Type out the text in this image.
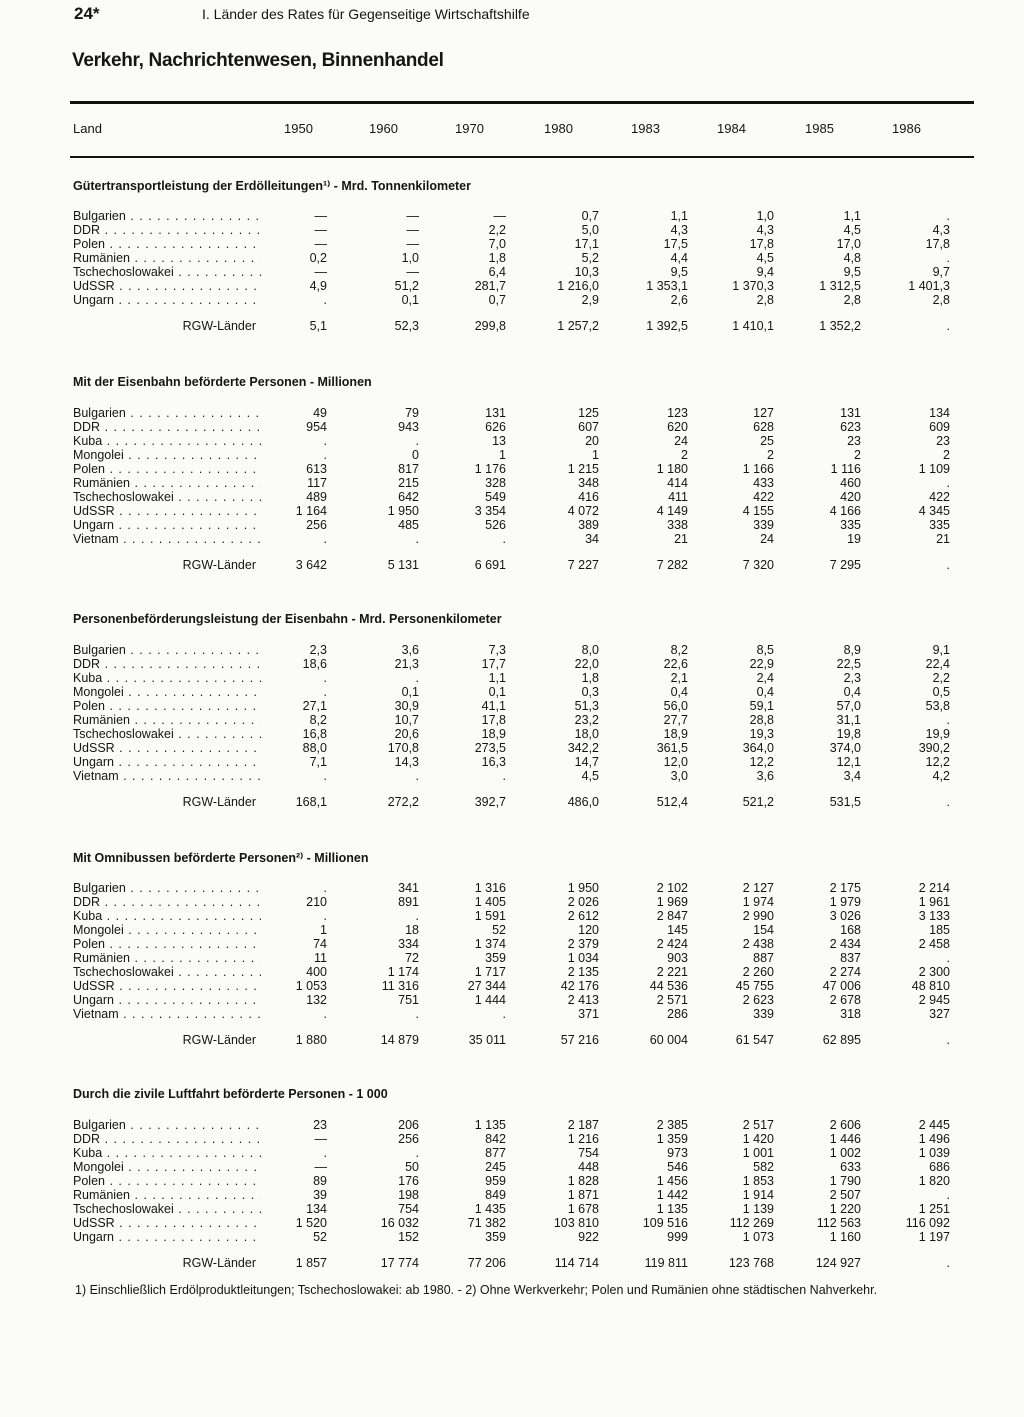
24*	I. Länder des Rates für Gegenseitige Wirtschaftshilfe
Verkehr, Nachrichtenwesen, Binnenhandel
Land	1950	1960	1970	1980	1983	1984	1985	1986
Gütertransportleistung der Erdölleitungen¹⁾ - Mrd. Tonnenkilometer
Bulgarien . . .	—	—	—	0,7	1,1	1,0	1,1	.
DDR . . .	—	—	2,2	5,0	4,3	4,3	4,5	4,3
Polen . . .	—	—	7,0	17,1	17,5	17,8	17,0	17,8
Rumänien . . .	0,2	1,0	1,8	5,2	4,4	4,5	4,8	.
Tschechoslowakei . . .	—	—	6,4	10,3	9,5	9,4	9,5	9,7
UdSSR . . .	4,9	51,2	281,7	1 216,0	1 353,1	1 370,3	1 312,5	1 401,3
Ungarn . . .	.	0,1	0,7	2,9	2,6	2,8	2,8	2,8
RGW-Länder	5,1	52,3	299,8	1 257,2	1 392,5	1 410,1	1 352,2	.
Mit der Eisenbahn beförderte Personen - Millionen
Bulgarien . . .	49	79	131	125	123	127	131	134
DDR . . .	954	943	626	607	620	628	623	609
Kuba . . .	.	.	13	20	24	25	23	23
Mongolei . . .	.	0	1	1	2	2	2	2
Polen . . .	613	817	1 176	1 215	1 180	1 166	1 116	1 109
Rumänien . . .	117	215	328	348	414	433	460	.
Tschechoslowakei . . .	489	642	549	416	411	422	420	422
UdSSR . . .	1 164	1 950	3 354	4 072	4 149	4 155	4 166	4 345
Ungarn . . .	256	485	526	389	338	339	335	335
Vietnam . . .	.	.	.	34	21	24	19	21
RGW-Länder	3 642	5 131	6 691	7 227	7 282	7 320	7 295	.
Personenbeförderungsleistung der Eisenbahn - Mrd. Personenkilometer
Bulgarien . . .	2,3	3,6	7,3	8,0	8,2	8,5	8,9	9,1
DDR . . .	18,6	21,3	17,7	22,0	22,6	22,9	22,5	22,4
Kuba . . .	.	.	1,1	1,8	2,1	2,4	2,3	2,2
Mongolei . . .	.	0,1	0,1	0,3	0,4	0,4	0,4	0,5
Polen . . .	27,1	30,9	41,1	51,3	56,0	59,1	57,0	53,8
Rumänien . . .	8,2	10,7	17,8	23,2	27,7	28,8	31,1	.
Tschechoslowakei . . .	16,8	20,6	18,9	18,0	18,9	19,3	19,8	19,9
UdSSR . . .	88,0	170,8	273,5	342,2	361,5	364,0	374,0	390,2
Ungarn . . .	7,1	14,3	16,3	14,7	12,0	12,2	12,1	12,2
Vietnam . . .	.	.	.	4,5	3,0	3,6	3,4	4,2
RGW-Länder	168,1	272,2	392,7	486,0	512,4	521,2	531,5	.
Mit Omnibussen beförderte Personen²⁾ - Millionen
Bulgarien . . .	.	341	1 316	1 950	2 102	2 127	2 175	2 214
DDR . . .	210	891	1 405	2 026	1 969	1 974	1 979	1 961
Kuba . . .	.	.	1 591	2 612	2 847	2 990	3 026	3 133
Mongolei . . .	1	18	52	120	145	154	168	185
Polen . . .	74	334	1 374	2 379	2 424	2 438	2 434	2 458
Rumänien . . .	11	72	359	1 034	903	887	837	.
Tschechoslowakei . . .	400	1 174	1 717	2 135	2 221	2 260	2 274	2 300
UdSSR . . .	1 053	11 316	27 344	42 176	44 536	45 755	47 006	48 810
Ungarn . . .	132	751	1 444	2 413	2 571	2 623	2 678	2 945
Vietnam . . .	.	.	.	371	286	339	318	327
RGW-Länder	1 880	14 879	35 011	57 216	60 004	61 547	62 895	.
Durch die zivile Luftfahrt beförderte Personen - 1 000
Bulgarien . . .	23	206	1 135	2 187	2 385	2 517	2 606	2 445
DDR . . .	—	256	842	1 216	1 359	1 420	1 446	1 496
Kuba . . .	.	.	877	754	973	1 001	1 002	1 039
Mongolei . . .	—	50	245	448	546	582	633	686
Polen . . .	89	176	959	1 828	1 456	1 853	1 790	1 820
Rumänien . . .	39	198	849	1 871	1 442	1 914	2 507	.
Tschechoslowakei . . .	134	754	1 435	1 678	1 135	1 139	1 220	1 251
UdSSR . . .	1 520	16 032	71 382	103 810	109 516	112 269	112 563	116 092
Ungarn . . .	52	152	359	922	999	1 073	1 160	1 197
RGW-Länder	1 857	17 774	77 206	114 714	119 811	123 768	124 927	.
1) Einschließlich Erdölproduktleitungen; Tschechoslowakei: ab 1980. - 2) Ohne Werkverkehr; Polen und Rumänien ohne städtischen Nahverkehr.
